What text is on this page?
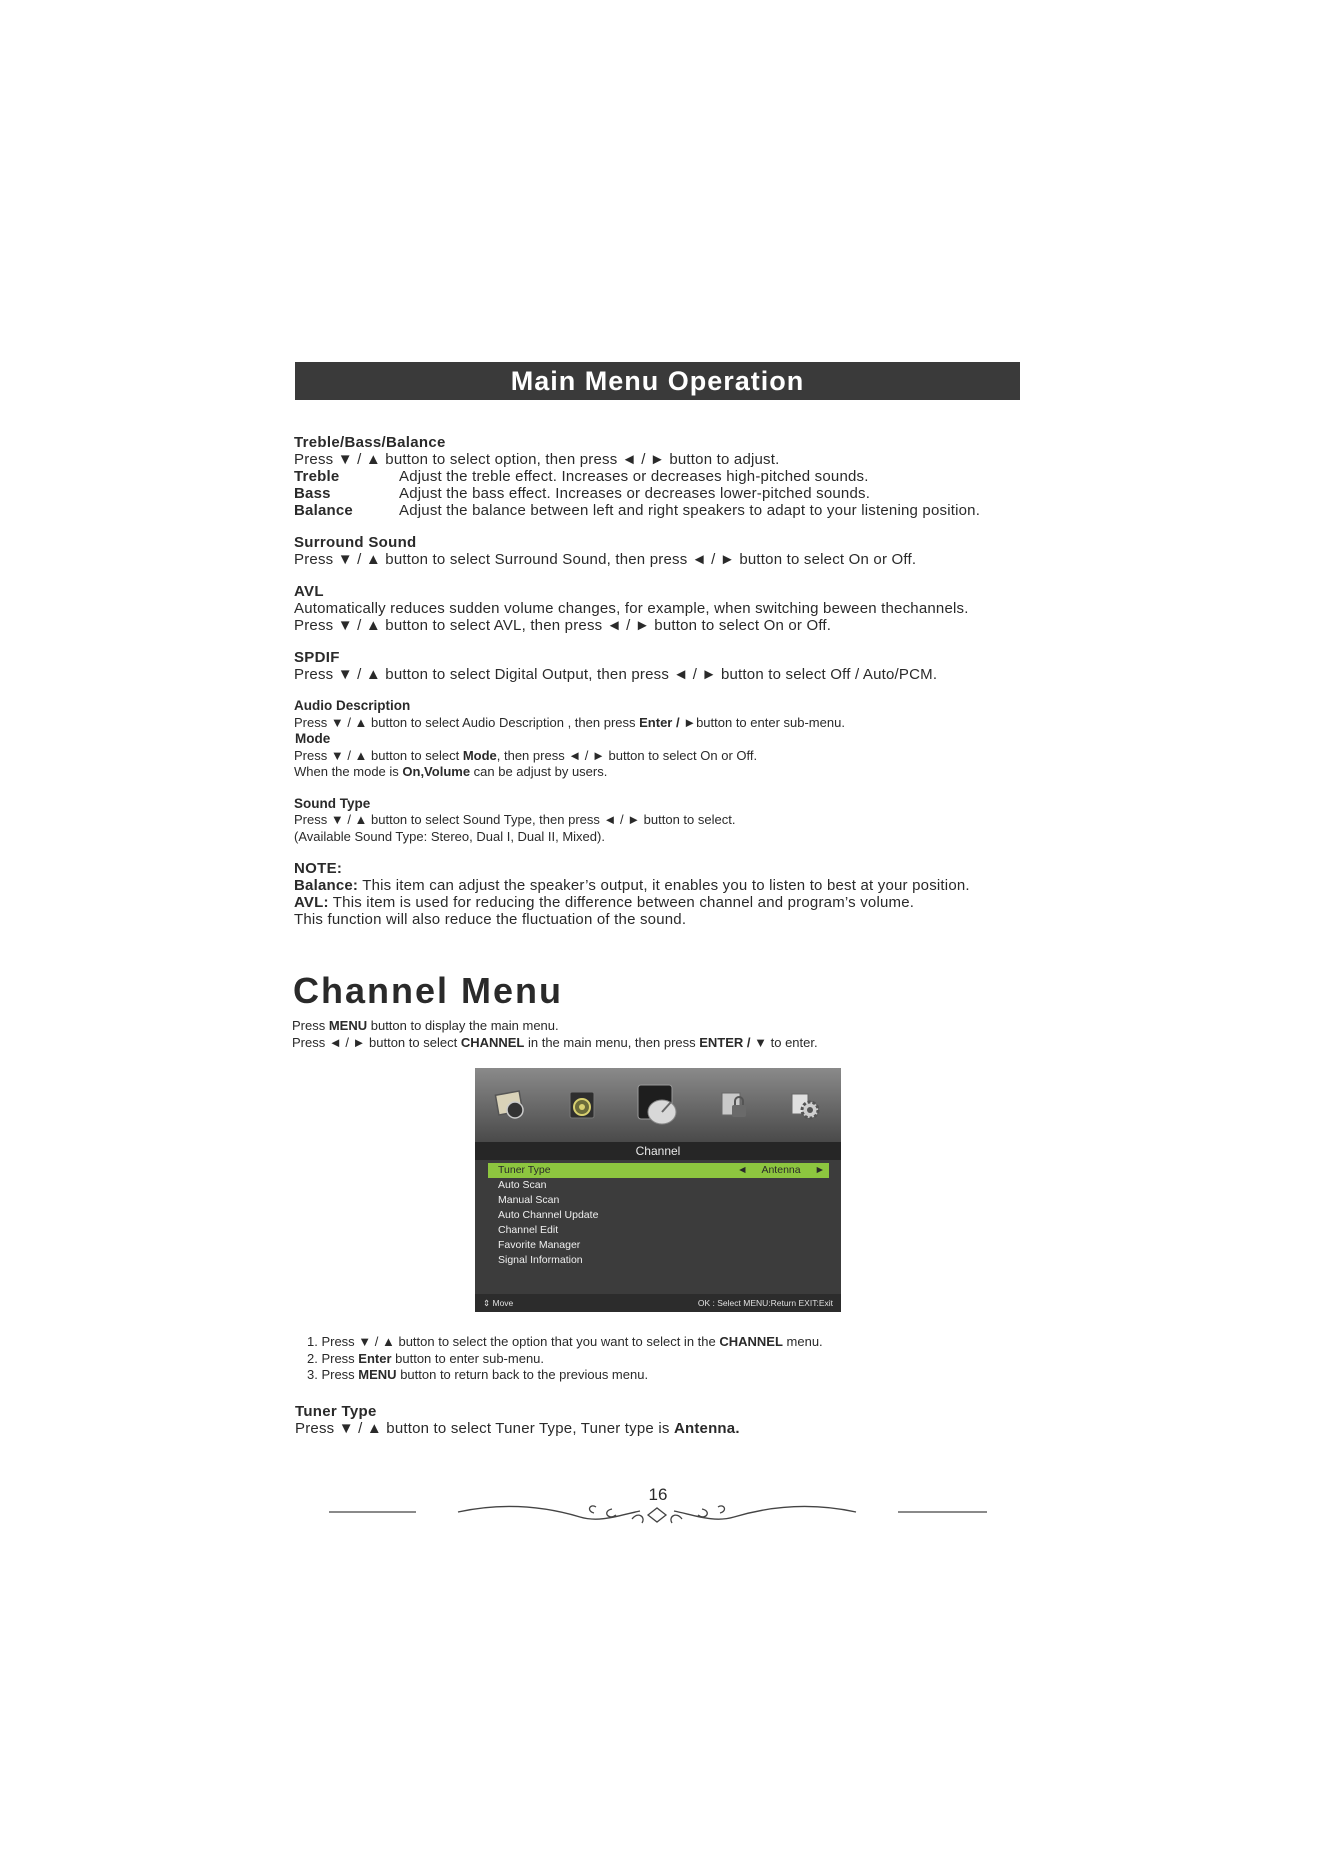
Main Menu Operation
Treble/Bass/Balance
Press ▼ / ▲ button to select option, then press ◄ / ► button to adjust.
Treble	Adjust the treble effect. Increases or decreases high-pitched sounds.
Bass	Adjust the bass effect. Increases or decreases lower-pitched sounds.
Balance	Adjust the balance between left and right speakers to adapt to your listening position.
Surround Sound
Press ▼ / ▲ button to select Surround Sound, then press ◄ / ► button to select On or Off.
AVL
Automatically reduces sudden volume changes, for example, when switching beween thechannels.
Press ▼ / ▲ button to select AVL, then press ◄ / ► button to select On or Off.
SPDIF
Press ▼ / ▲ button to select Digital Output, then press ◄ / ► button to select Off / Auto/PCM.
Audio Description
Press ▼ / ▲ button to select Audio Description , then press Enter / ►button to enter sub-menu.
Mode
Press ▼ / ▲ button to select Mode, then press ◄ / ► button to select On or Off.
When the mode is On,Volume can be adjust by users.
Sound Type
Press ▼ / ▲ button to select Sound Type, then press ◄ / ► button to select.
(Available Sound Type: Stereo, Dual I, Dual II, Mixed).
NOTE:
Balance: This item can adjust the speaker’s output, it enables you to listen to best at your position.
AVL: This item is used for reducing the difference between channel and program’s volume.
This function will also reduce the fluctuation of the sound.
Channel Menu
Press MENU button to display the main menu.
Press ◄ / ► button to select CHANNEL in the main menu, then press ENTER / ▼ to enter.
Channel
Tuner Type	◄ Antenna ►
Auto Scan
Manual Scan
Auto Channel Update
Channel Edit
Favorite Manager
Signal Information
⇕ Move	OK : Select MENU:Return EXIT:Exit
1. Press ▼ / ▲ button to select the option that you want to select in the CHANNEL menu.
2. Press Enter button to enter sub-menu.
3. Press MENU button to return back to the previous menu.
Tuner Type
Press ▼ / ▲ button to select Tuner Type, Tuner type is Antenna.
16
